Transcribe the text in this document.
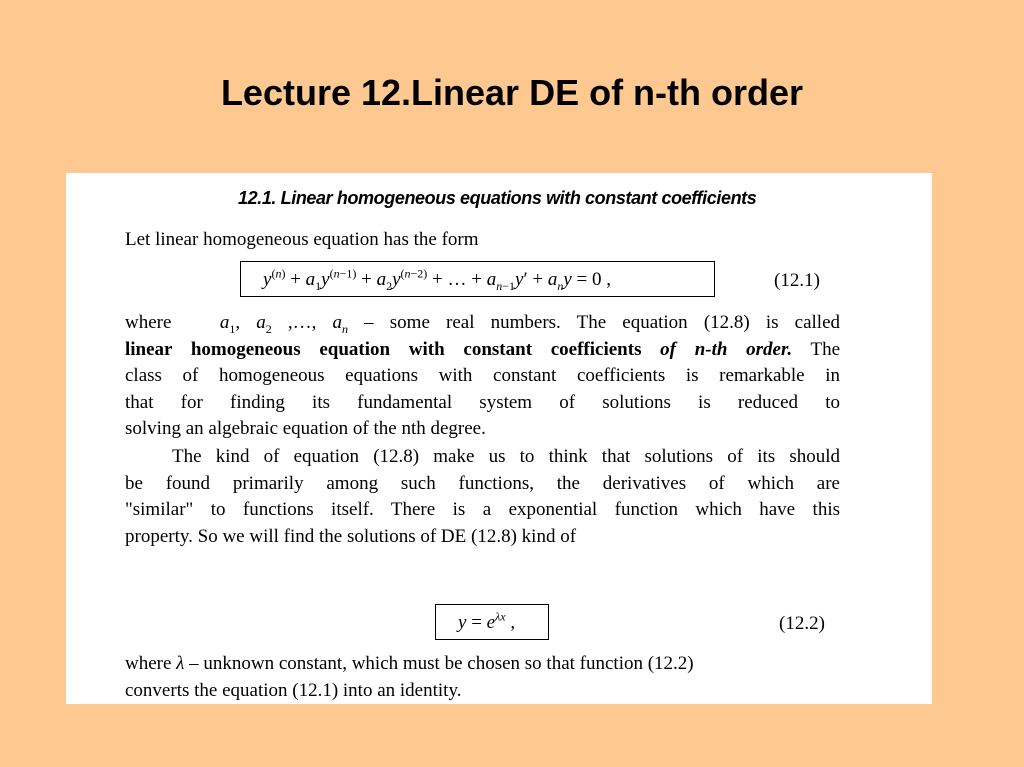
Lecture 12.Linear DE of n-th order
12.1. Linear homogeneous equations with constant coefficients
Let linear homogeneous equation has the form
$y^{(n)} + a_1y^{(n-1)} + a_2y^{(n-2)}$ + … + $a_{n-1}y' + a_ny = 0$ ,	(12.1)
where	$a_1$, $a_2$ ,…, $a_n$ – some real numbers. The equation (12.8) is called
linear homogeneous equation with constant coefficients of n-th order. The
class of homogeneous equations with constant coefficients is remarkable in
that for finding its fundamental system of solutions is reduced to
solving an algebraic equation of the nth degree.
The kind of equation (12.8) make us to think that solutions of its should
be found primarily among such functions, the derivatives of which are
"similar" to functions itself. There is a exponential function which have this
property. So we will find the solutions of DE (12.8) kind of
$y = e^{\lambda x}$ ,	(12.2)
where λ – unknown constant, which must be chosen so that function (12.2)
converts the equation (12.1) into an identity.
